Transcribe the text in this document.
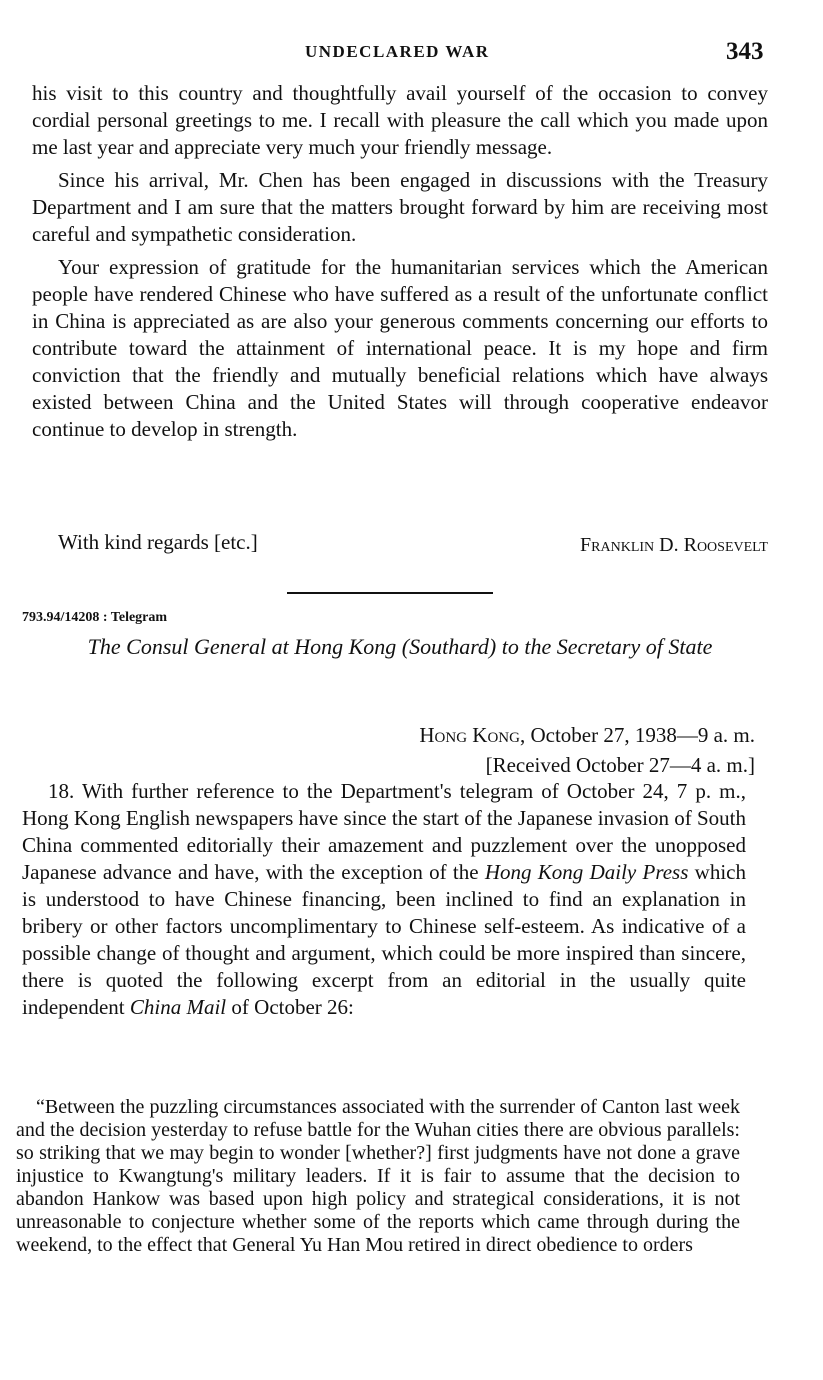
UNDECLARED WAR	343

his visit to this country and thoughtfully avail yourself of the occasion to convey cordial personal greetings to me. I recall with pleasure the call which you made upon me last year and appreciate very much your friendly message.

Since his arrival, Mr. Chen has been engaged in discussions with the Treasury Department and I am sure that the matters brought forward by him are receiving most careful and sympathetic consideration.

Your expression of gratitude for the humanitarian services which the American people have rendered Chinese who have suffered as a result of the unfortunate conflict in China is appreciated as are also your generous comments concerning our efforts to contribute toward the attainment of international peace. It is my hope and firm conviction that the friendly and mutually beneficial relations which have always existed between China and the United States will through cooperative endeavor continue to develop in strength.

With kind regards [etc.]	Franklin D. Roosevelt
793.94/14208 : Telegram
The Consul General at Hong Kong (Southard) to the Secretary of State
Hong Kong, October 27, 1938—9 a. m.
[Received October 27—4 a. m.]

18. With further reference to the Department's telegram of October 24, 7 p. m., Hong Kong English newspapers have since the start of the Japanese invasion of South China commented editorially their amazement and puzzlement over the unopposed Japanese advance and have, with the exception of the Hong Kong Daily Press which is understood to have Chinese financing, been inclined to find an explanation in bribery or other factors uncomplimentary to Chinese self-esteem. As indicative of a possible change of thought and argument, which could be more inspired than sincere, there is quoted the following excerpt from an editorial in the usually quite independent China Mail of October 26:

“Between the puzzling circumstances associated with the surrender of Canton last week and the decision yesterday to refuse battle for the Wuhan cities there are obvious parallels: so striking that we may begin to wonder [whether?] first judgments have not done a grave injustice to Kwangtung's military leaders. If it is fair to assume that the decision to abandon Hankow was based upon high policy and strategical considerations, it is not unreasonable to conjecture whether some of the reports which came through during the weekend, to the effect that General Yu Han Mou retired in direct obedience to orders
